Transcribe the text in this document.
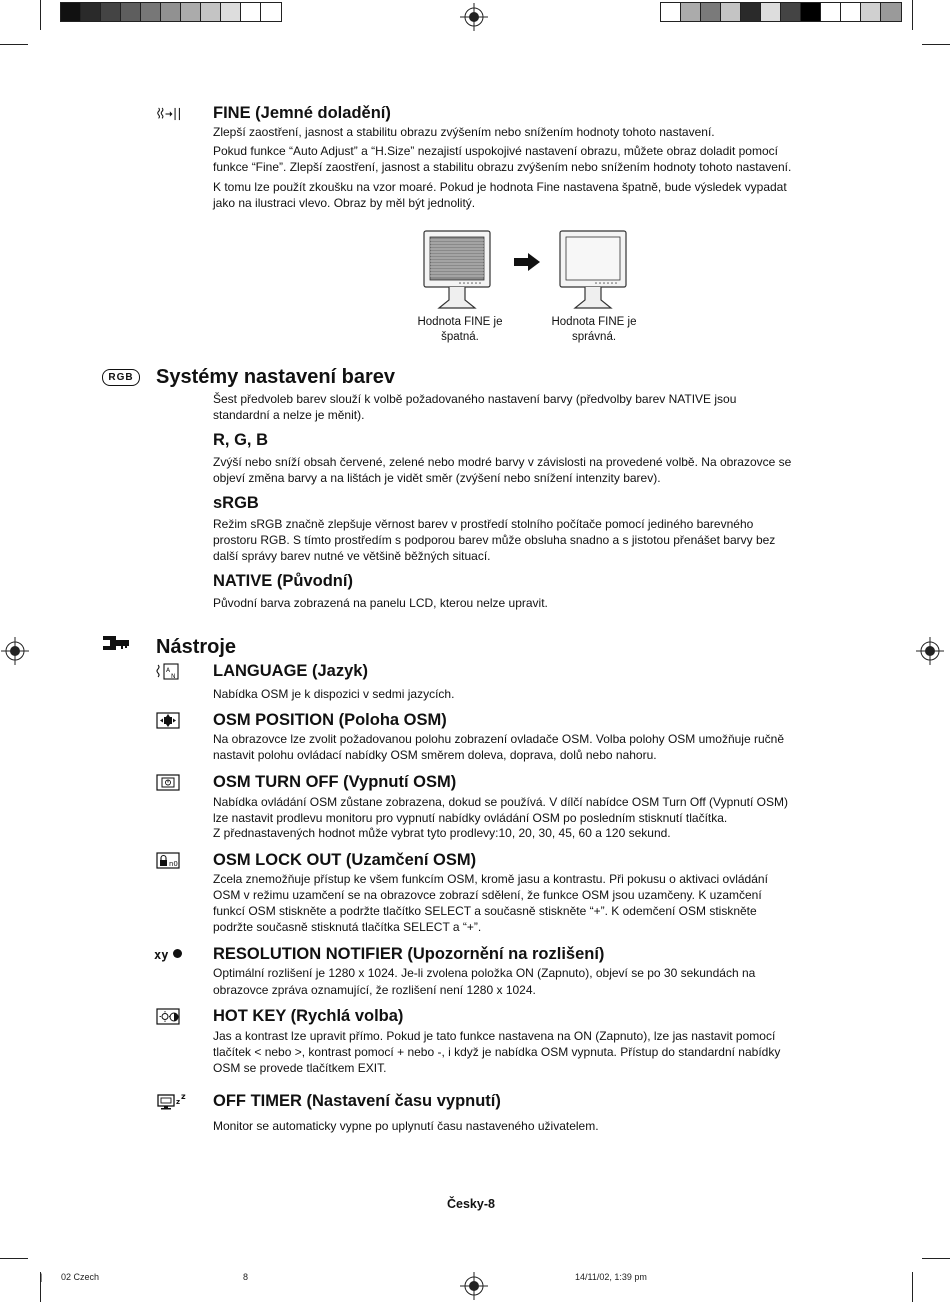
FINE (Jemné doladění)
Zlepší zaostření, jasnost a stabilitu obrazu zvýšením nebo snížením hodnoty tohoto nastavení.
Pokud funkce “Auto Adjust” a “H.Size” nezajistí uspokojivé nastavení obrazu, můžete obraz doladit pomocí
funkce “Fine”. Zlepší zaostření, jasnost a stabilitu obrazu zvýšením nebo snížením hodnoty tohoto nastavení.
K tomu lze použít zkoušku na vzor moaré. Pokud je hodnota Fine nastavena špatně, bude výsledek vypadat
jako na ilustraci vlevo. Obraz by měl být jednolitý.
Hodnota FINE je
špatná.
Hodnota FINE je
správná.
RGB	Systémy nastavení barev
Šest předvoleb barev slouží k volbě požadovaného nastavení barvy (předvolby barev NATIVE jsou
standardní a nelze je měnit).
R, G, B
Zvýší nebo sníží obsah červené, zelené nebo modré barvy v závislosti na provedené volbě. Na obrazovce se
objeví změna barvy a na lištách je vidět směr (zvýšení nebo snížení intenzity barev).
sRGB
Režim sRGB značně zlepšuje věrnost barev v prostředí stolního počítače pomocí jediného barevného
prostoru RGB. S tímto prostředím s podporou barev může obsluha snadno a s jistotou přenášet barvy bez
další správy barev nutné ve většině běžných situací.
NATIVE (Původní)
Původní barva zobrazená na panelu LCD, kterou nelze upravit.
Nástroje
A
N LANGUAGE (Jazyk)
Nabídka OSM je k dispozici v sedmi jazycích.
OSM POSITION (Poloha OSM)
Na obrazovce lze zvolit požadovanou polohu zobrazení ovladače OSM. Volba polohy OSM umožňuje ručně
nastavit polohu ovládací nabídky OSM směrem doleva, doprava, dolů nebo nahoru.
OSM TURN OFF (Vypnutí OSM)
Nabídka ovládání OSM zůstane zobrazena, dokud se používá. V dílčí nabídce OSM Turn Off (Vypnutí OSM)
lze nastavit prodlevu monitoru pro vypnutí nabídky ovládání OSM po posledním stisknutí tlačítka.
Z přednastavených hodnot může vybrat tyto prodlevy:10, 20, 30, 45, 60 a 120 sekund.
n0 OSM LOCK OUT (Uzamčení OSM)
Zcela znemožňuje přístup ke všem funkcím OSM, kromě jasu a kontrastu. Při pokusu o aktivaci ovládání
OSM v režimu uzamčení se na obrazovce zobrazí sdělení, že funkce OSM jsou uzamčeny. K uzamčení
funkcí OSM stiskněte a podržte tlačítko SELECT a současně stiskněte “+”. K odemčení OSM stiskněte
podržte současně stisknutá tlačítka SELECT a “+”.
xy	RESOLUTION NOTIFIER (Upozornění na rozlišení)
Optimální rozlišení je 1280 x 1024. Je-li zvolena položka ON (Zapnuto), objeví se po 30 sekundách na
obrazovce zpráva oznamující, že rozlišení není 1280 x 1024.
HOT KEY (Rychlá volba)
Jas a kontrast lze upravit přímo. Pokud je tato funkce nastavena na ON (Zapnuto), lze jas nastavit pomocí
tlačítek < nebo >, kontrast pomocí + nebo -, i když je nabídka OSM vypnuta. Přístup do standardní nabídky
OSM se provede tlačítkem EXIT.
z
z OFF TIMER (Nastavení času vypnutí)
Monitor se automaticky vypne po uplynutí času nastaveného uživatelem.
Česky-8
| 02 Czech	8	14/11/02, 1:39 pm
